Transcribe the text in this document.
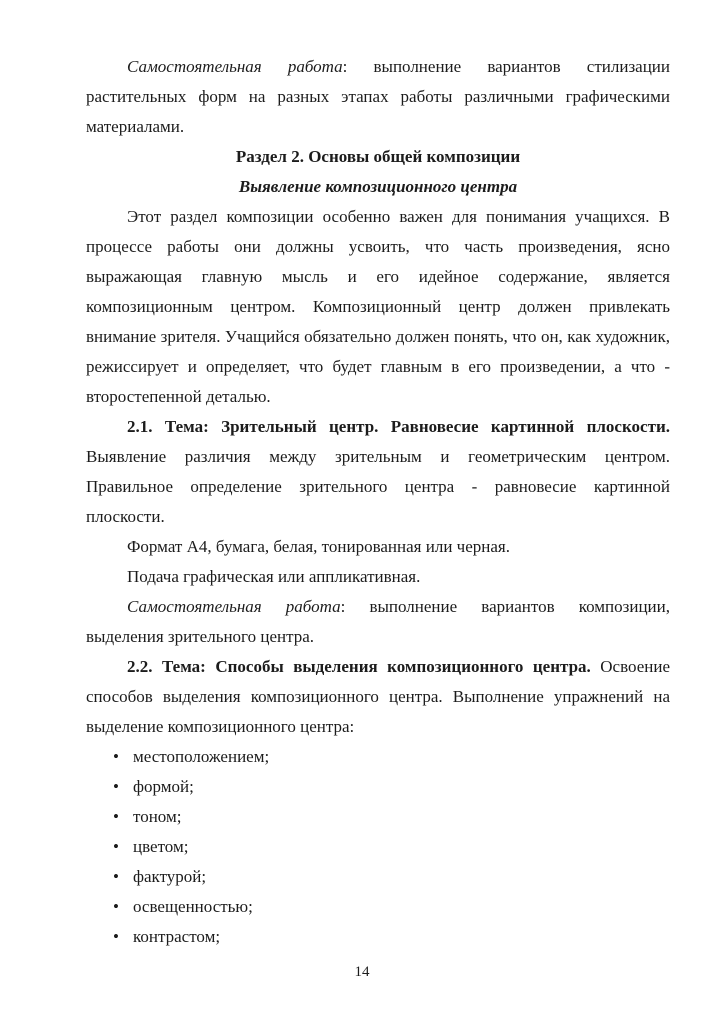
Самостоятельная работа: выполнение вариантов стилизации растительных форм на разных этапах работы различными графическими материалами.

Раздел 2. Основы общей композиции

Выявление композиционного центра

Этот раздел композиции особенно важен для понимания учащихся. В процессе работы они должны усвоить, что часть произведения, ясно выражающая главную мысль и его идейное содержание, является композиционным центром. Композиционный центр должен привлекать внимание зрителя. Учащийся обязательно должен понять, что он, как художник, режиссирует и определяет, что будет главным в его произведении, а что - второстепенной деталью.

2.1. Тема: Зрительный центр. Равновесие картинной плоскости. Выявление различия между зрительным и геометрическим центром. Правильное определение зрительного центра - равновесие картинной плоскости.

Формат А4, бумага, белая, тонированная или черная.

Подача графическая или аппликативная.

Самостоятельная работа: выполнение вариантов композиции, выделения зрительного центра.

2.2. Тема: Способы выделения композиционного центра. Освоение способов выделения композиционного центра. Выполнение упражнений на выделение композиционного центра:

•
местоположением;
•
формой;
•
тоном;
•
цветом;
•
фактурой;
•
освещенностью;
•
контрастом;
14
